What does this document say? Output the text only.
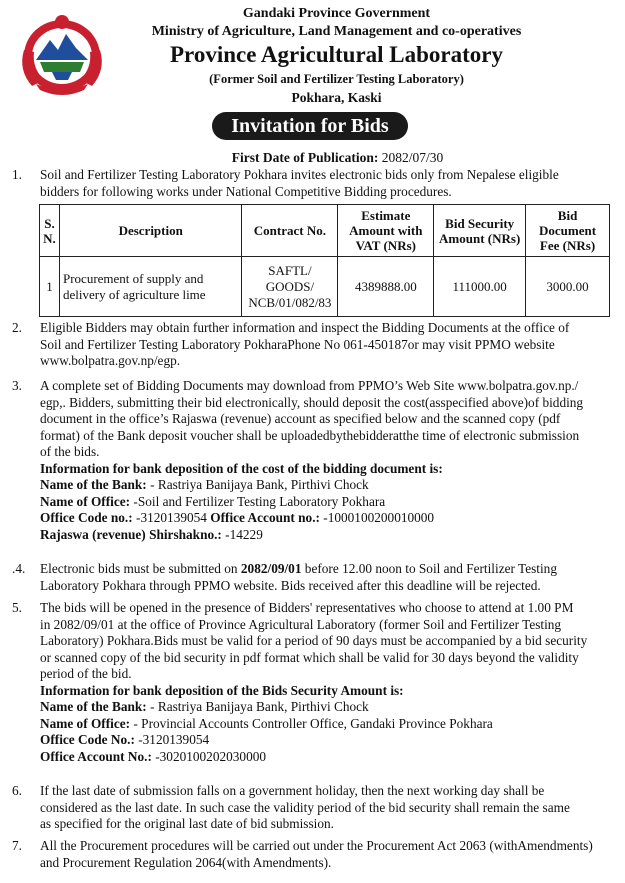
Gandaki Province Government
Ministry of Agriculture, Land Management and co-operatives
Province Agricultural Laboratory
(Former Soil and Fertilizer Testing Laboratory)
Pokhara, Kaski
Invitation for Bids
First Date of Publication: 2082/07/30
1.	Soil and Fertilizer Testing Laboratory Pokhara invites electronic bids only from Nepalese eligible
bidders for following works under National Competitive Bidding procedures.
S. N.	Description	Contract No.	Estimate Amount with VAT (NRs)	Bid Security Amount (NRs)	Bid Document Fee (NRs)
1	Procurement of supply and delivery of agriculture lime	SAFTL/ GOODS/ NCB/01/082/83	4389888.00	111000.00	3000.00
2.	Eligible Bidders may obtain further information and inspect the Bidding Documents at the office of
Soil and Fertilizer Testing Laboratory PokharaPhone No 061-450187or may visit PPMO website
www.bolpatra.gov.np/egp.
3.	A complete set of Bidding Documents may download from PPMO’s Web Site www.bolpatra.gov.np./
egp,. Bidders, submitting their bid electronically, should deposit the cost(asspecified above)of bidding
document in the office’s Rajaswa (revenue) account as specified below and the scanned copy (pdf
format) of the Bank deposit voucher shall be uploadedbythebidderatthe time of electronic submission
of the bids.
Information for bank deposition of the cost of the bidding document is:
Name of the Bank: - Rastriya Banijaya Bank, Pirthivi Chock
Name of Office: -Soil and Fertilizer Testing Laboratory Pokhara
Office Code no.: -3120139054 Office Account no.: -1000100200010000
Rajaswa (revenue) Shirshakno.: -14229
.4.	Electronic bids must be submitted on 2082/09/01 before 12.00 noon to Soil and Fertilizer Testing
Laboratory Pokhara through PPMO website. Bids received after this deadline will be rejected.
5.	The bids will be opened in the presence of Bidders' representatives who choose to attend at 1.00 PM
in 2082/09/01 at the office of Province Agricultural Laboratory (former Soil and Fertilizer Testing
Laboratory) Pokhara.Bids must be valid for a period of 90 days must be accompanied by a bid security
or scanned copy of the bid security in pdf format which shall be valid for 30 days beyond the validity
period of the bid.
Information for bank deposition of the Bids Security Amount is:
Name of the Bank: - Rastriya Banijaya Bank, Pirthivi Chock
Name of Office: - Provincial Accounts Controller Office, Gandaki Province Pokhara
Office Code No.: -3120139054
Office Account No.: -3020100202030000
6.	If the last date of submission falls on a government holiday, then the next working day shall be
considered as the last date. In such case the validity period of the bid security shall remain the same
as specified for the original last date of bid submission.
7.	All the Procurement procedures will be carried out under the Procurement Act 2063 (withAmendments)
and Procurement Regulation 2064(with Amendments).
